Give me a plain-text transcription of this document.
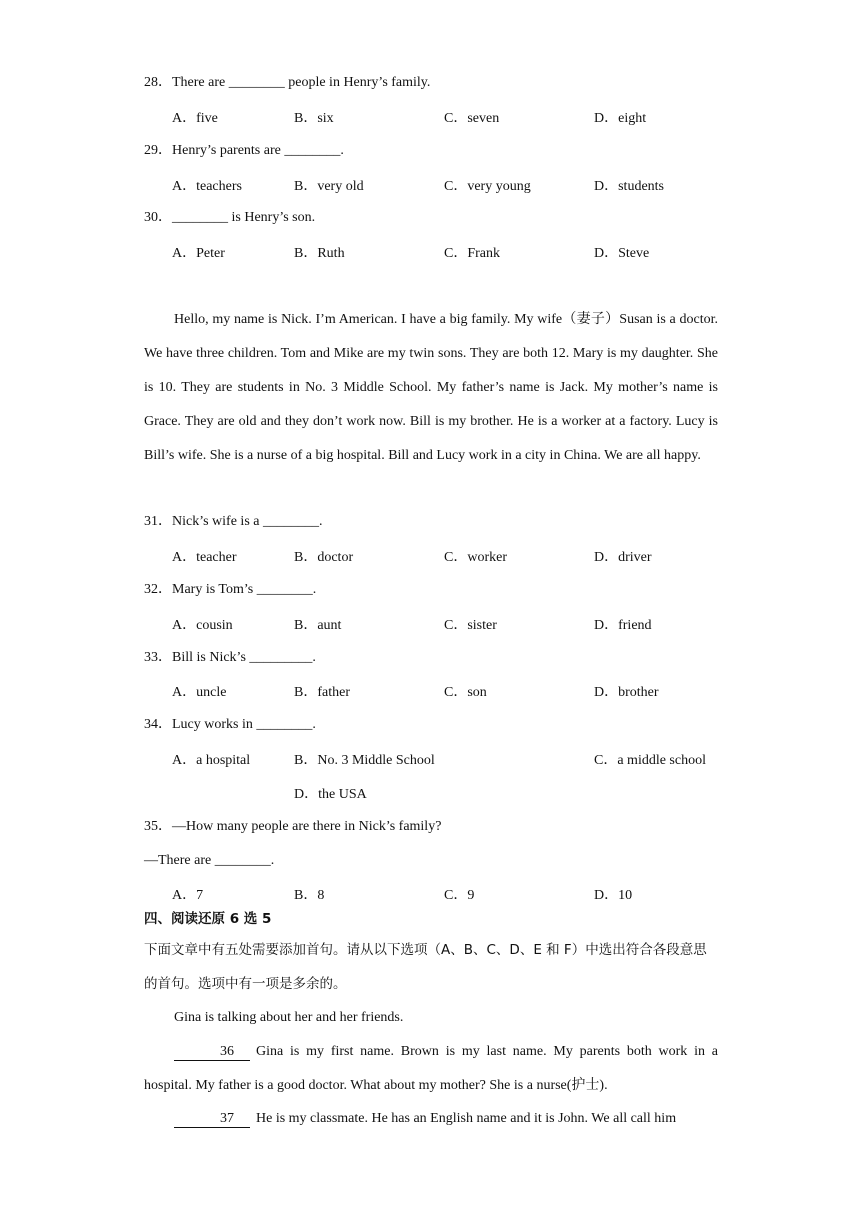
28．There are ________ people in Henry’s family.
A．five	B．six	C．seven	D．eight
29．Henry’s parents are ________.
A．teachers	B．very old	C．very young	D．students
30．________ is Henry’s son.
A．Peter	B．Ruth	C．Frank	D．Steve
Hello, my name is Nick. I’m American. I have a big family. My wife（妻子）Susan is a doctor. We have three children. Tom and Mike are my twin sons. They are both 12. Mary is my daughter. She is 10. They are students in No. 3 Middle School. My father’s name is Jack. My mother’s name is Grace. They are old and they don’t work now. Bill is my brother. He is a worker at a factory. Lucy is Bill’s wife. She is a nurse of a big hospital. Bill and Lucy work in a city in China. We are all happy.
31．Nick’s wife is a ________.
A．teacher	B．doctor	C．worker	D．driver
32．Mary is Tom’s ________.
A．cousin	B．aunt	C．sister	D．friend
33．Bill is Nick’s _________.
A．uncle	B．father	C．son	D．brother
34．Lucy works in ________.
A．a hospital	B．No. 3 Middle School	C．a middle school
D．the USA
35．—How many people are there in Nick’s family?
—There are ________.
A．7	B．8	C．9	D．10
四、阅读还原 6 选 5
下面文章中有五处需要添加首句。请从以下选项（A、B、C、D、E 和 F）中选出符合各段意思的首句。选项中有一项是多余的。
Gina is talking about her and her friends.
36 Gina is my first name. Brown is my last name. My parents both work in a hospital. My father is a good doctor. What about my mother? She is a nurse(护士).
37 He is my classmate. He has an English name and it is John. We all call him
